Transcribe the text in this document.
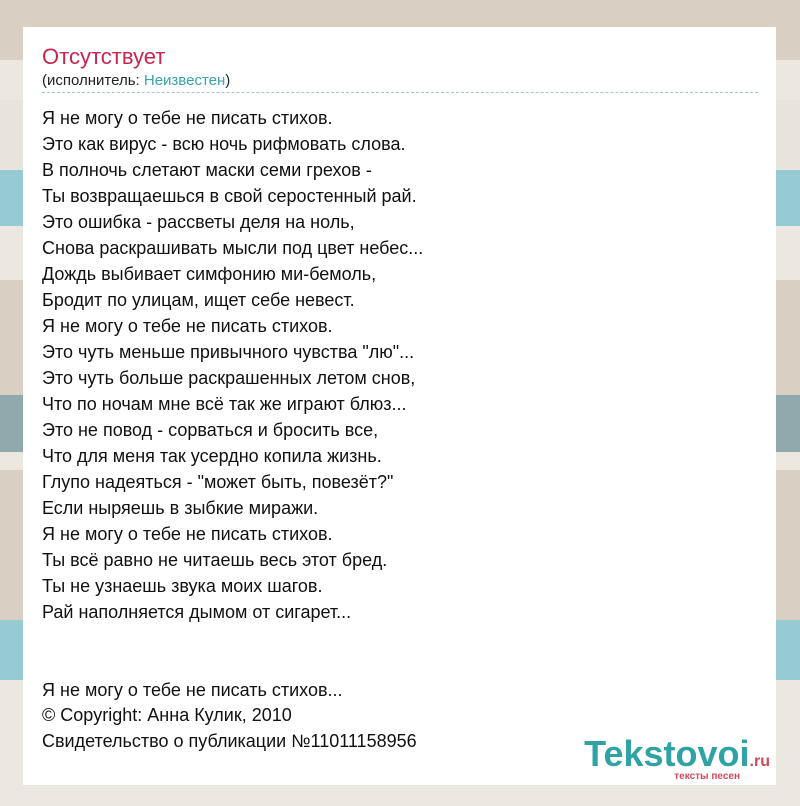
Отсутствует
(исполнитель: Неизвестен)
Я не могу о тебе не писать стихов.
Это как вирус - всю ночь рифмовать слова.
В полночь слетают маски семи грехов -
Ты возвращаешься в свой серостенный рай.
Это ошибка - рассветы деля на ноль,
Снова раскрашивать мысли под цвет небес...
Дождь выбивает симфонию ми-бемоль,
Бродит по улицам, ищет себе невест.
Я не могу о тебе не писать стихов.
Это чуть меньше привычного чувства "лю"...
Это чуть больше раскрашенных летом снов,
Что по ночам мне всё так же играют блюз...
Это не повод - сорваться и бросить все,
Что для меня так усердно копила жизнь.
Глупо надеяться - "может быть, повезёт?"
Если ныряешь в зыбкие миражи.
Я не могу о тебе не писать стихов.
Ты всё равно не читаешь весь этот бред.
Ты не узнаешь звука моих шагов.
Рай наполняется дымом от сигарет...
Я не могу о тебе не писать стихов...
© Copyright: Анна Кулик, 2010
Свидетельство о публикации №11011158956	Tekstovoi.ru
тексты песен
